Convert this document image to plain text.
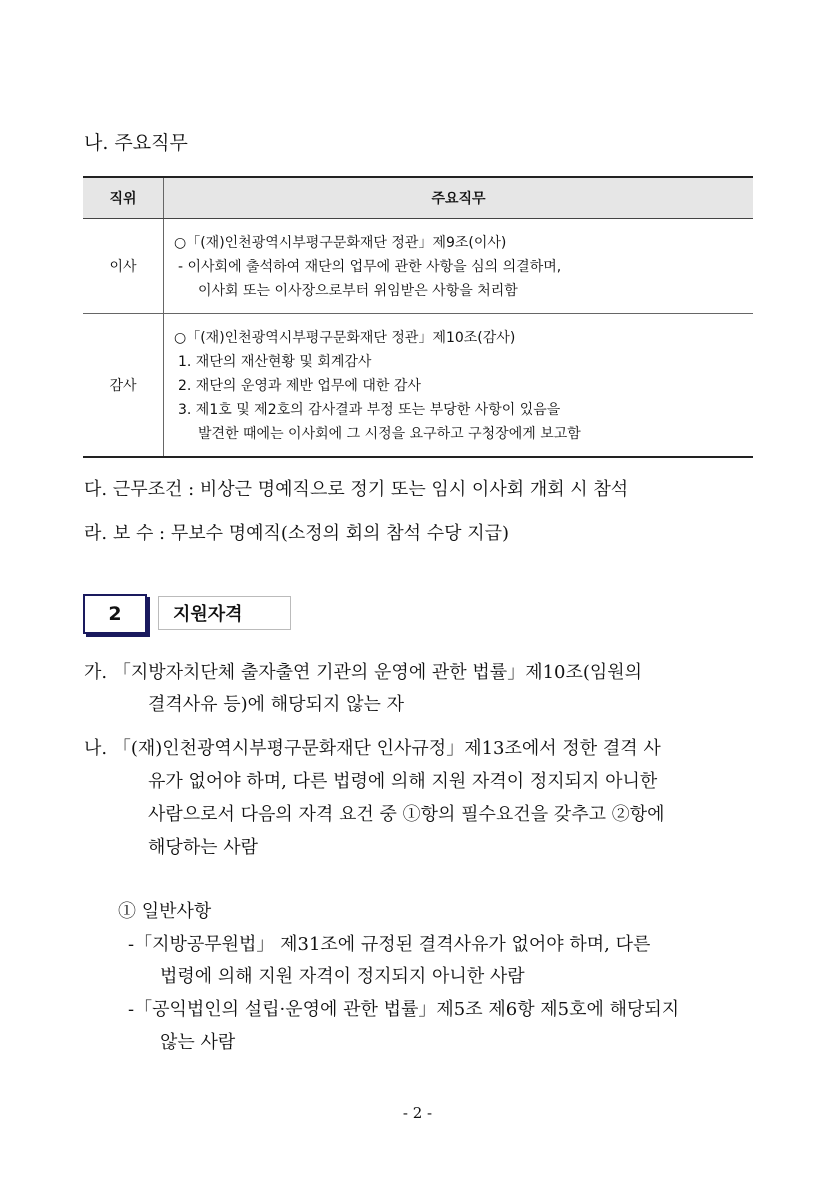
나. 주요직무
직위	주요직무
이사	○「(재)인천광역시부평구문화재단 정관」제9조(이사)
- 이사회에 출석하여 재단의 업무에 관한 사항을 심의 의결하며,
이사회 또는 이사장으로부터 위임받은 사항을 처리함

감사	○「(재)인천광역시부평구문화재단 정관」제10조(감사)
1. 재단의 재산현황 및 회계감사
2. 재단의 운영과 제반 업무에 대한 감사
3. 제1호 및 제2호의 감사결과 부정 또는 부당한 사항이 있음을
발견한 때에는 이사회에 그 시정을 요구하고 구청장에게 보고함
다. 근무조건 : 비상근 명예직으로 정기 또는 임시 이사회 개회 시 참석
라. 보 수 : 무보수 명예직(소정의 회의 참석 수당 지급)
2	지원자격
가. 「지방자치단체 출자출연 기관의 운영에 관한 법률」제10조(임원의
결격사유 등)에 해당되지 않는 자
나. 「(재)인천광역시부평구문화재단 인사규정」제13조에서 정한 결격 사
유가 없어야 하며, 다른 법령에 의해 지원 자격이 정지되지 아니한
사람으로서 다음의 자격 요건 중 ①항의 필수요건을 갖추고 ②항에
해당하는 사람
① 일반사항
-「지방공무원법」 제31조에 규정된 결격사유가 없어야 하며, 다른
법령에 의해 지원 자격이 정지되지 아니한 사람
-「공익법인의 설립·운영에 관한 법률」제5조 제6항 제5호에 해당되지
않는 사람
- 2 -
